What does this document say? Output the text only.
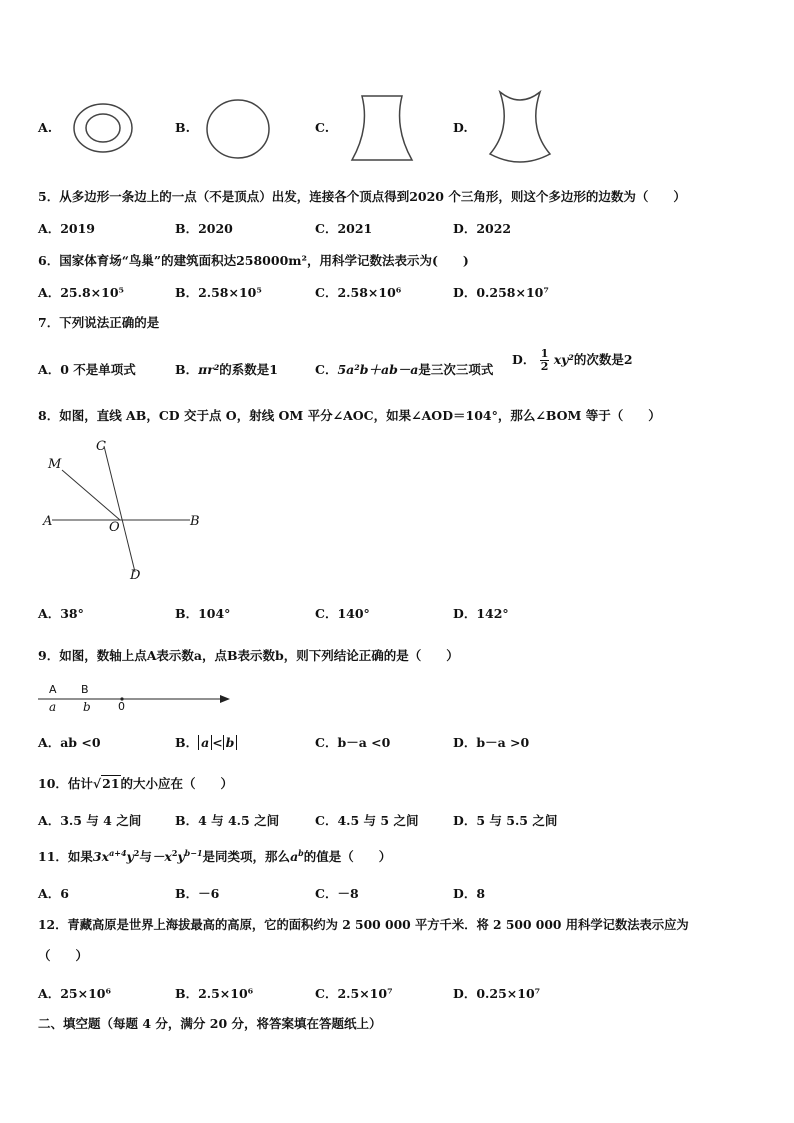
A.	B.	C.	D.
5．从多边形一条边上的一点（不是顶点）出发，连接各个顶点得到2020 个三角形，则这个多边形的边数为（　　）
A．2019	B．2020	C．2021	D．2022
6．国家体育场“鸟巢”的建筑面积达258000m²，用科学记数法表示为(　　)
A．25.8×10⁵	B．2.58×10⁵	C．2.58×10⁶	D．0.258×10⁷
7．下列说法正确的是
A．0 不是单项式	B．πr²的系数是1	C．5a²b＋ab－a是三次三项式
D． $\frac{1}{2} xy^2$的次数是2
8．如图，直线 AB，CD 交于点 O，射线 OM 平分∠AOC，如果∠AOD＝104°，那么∠BOM 等于（　　）
C
M
A	O	B
D
A．38°	B．104°	C．140°	D．142°
9．如图，数轴上点A表示数a，点B表示数b，则下列结论正确的是（　　）
A B
a b 0
A．ab <0	B． a < b	C．b－a <0	D．b－a >0
10．估计√21的大小应在（　　）
A．3.5 与 4 之间	B．4 与 4.5 之间	C．4.5 与 5 之间	D．5 与 5.5 之间
11．如果$3x^{a+4}y^2$与$-x^2y^{b-1}$是同类项，那么$a^b$的值是（　　）
A．6	B．－6	C．－8	D．8
12．青藏高原是世界上海拔最高的高原，它的面积约为 2 500 000 平方千米．将 2 500 000 用科学记数法表示应为
（　　）
A．25×10⁶	B．2.5×10⁶	C．2.5×10⁷	D．0.25×10⁷
二、填空题（每题 4 分，满分 20 分，将答案填在答题纸上）
